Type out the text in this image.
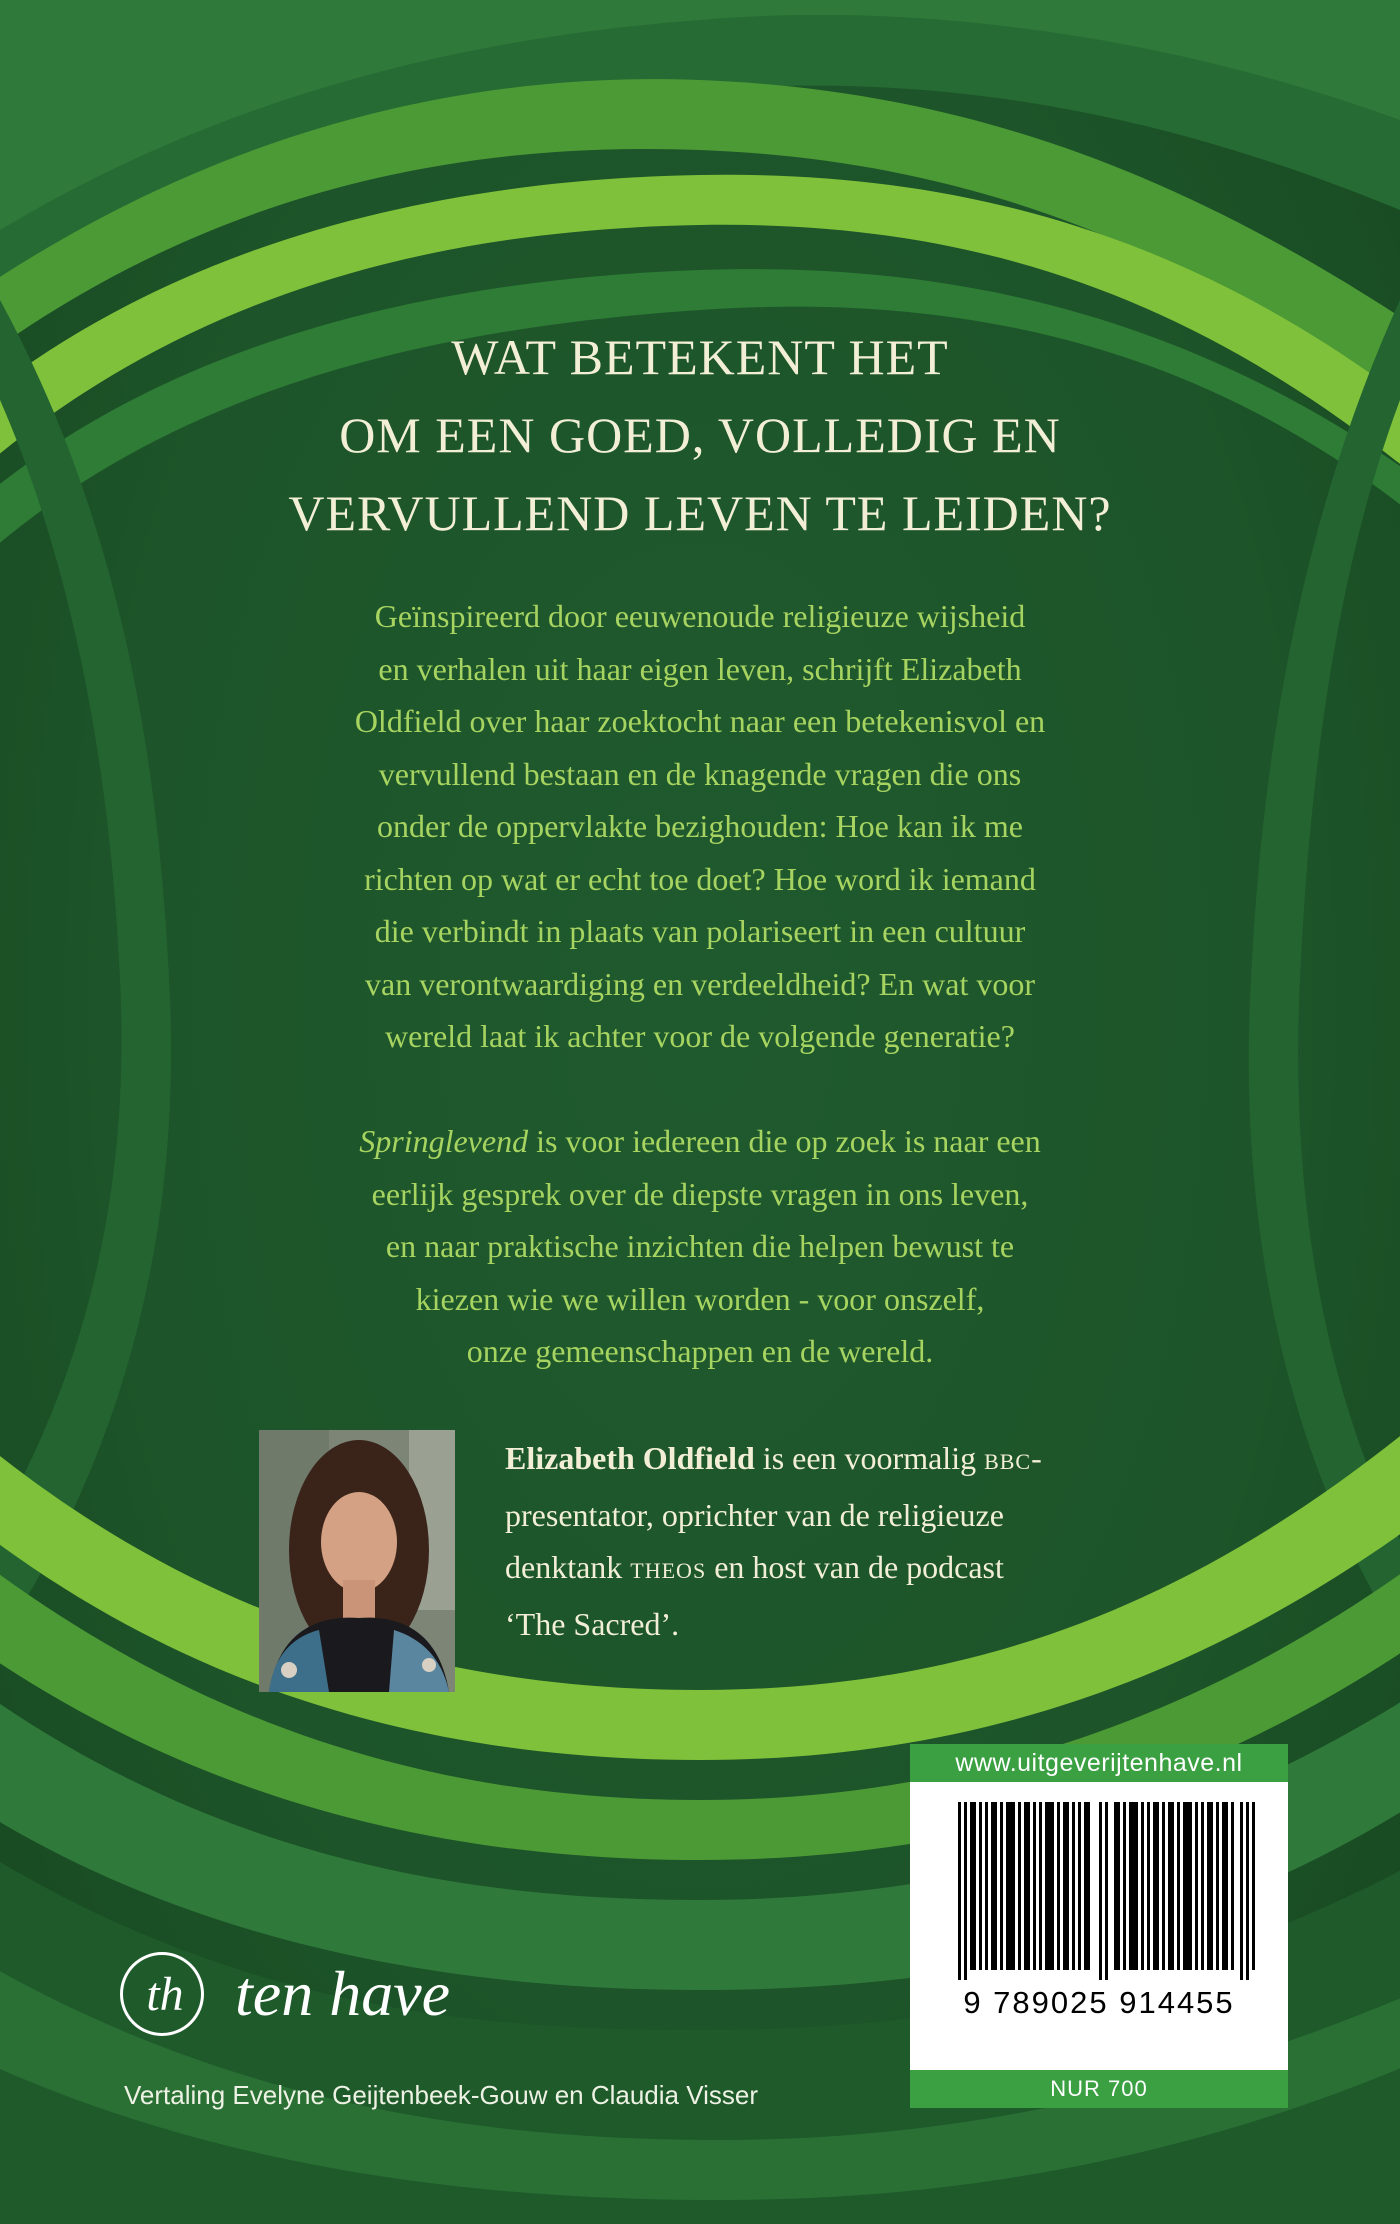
WAT BETEKENT HET
OM EEN GOED, VOLLEDIG EN
VERVULLEND LEVEN TE LEIDEN?

Geïnspireerd door eeuwenoude religieuze wijsheid
en verhalen uit haar eigen leven, schrijft Elizabeth
Oldfield over haar zoektocht naar een betekenisvol en
vervullend bestaan en de knagende vragen die ons
onder de oppervlakte bezighouden: Hoe kan ik me
richten op wat er echt toe doet? Hoe word ik iemand
die verbindt in plaats van polariseert in een cultuur
van verontwaardiging en verdeeldheid? En wat voor
wereld laat ik achter voor de volgende generatie?

Springlevend is voor iedereen die op zoek is naar een
eerlijk gesprek over de diepste vragen in ons leven,
en naar praktische inzichten die helpen bewust te
kiezen wie we willen worden - voor onszelf,
onze gemeenschappen en de wereld.

Elizabeth Oldfield is een voormalig BBC-
presentator, oprichter van de religieuze
denktank THEOS en host van de podcast
‘The Sacred’.

www.uitgeverijtenhave.nl
9 789025 914455
NUR 700
th ten have
Vertaling Evelyne Geijtenbeek-Gouw en Claudia Visser
